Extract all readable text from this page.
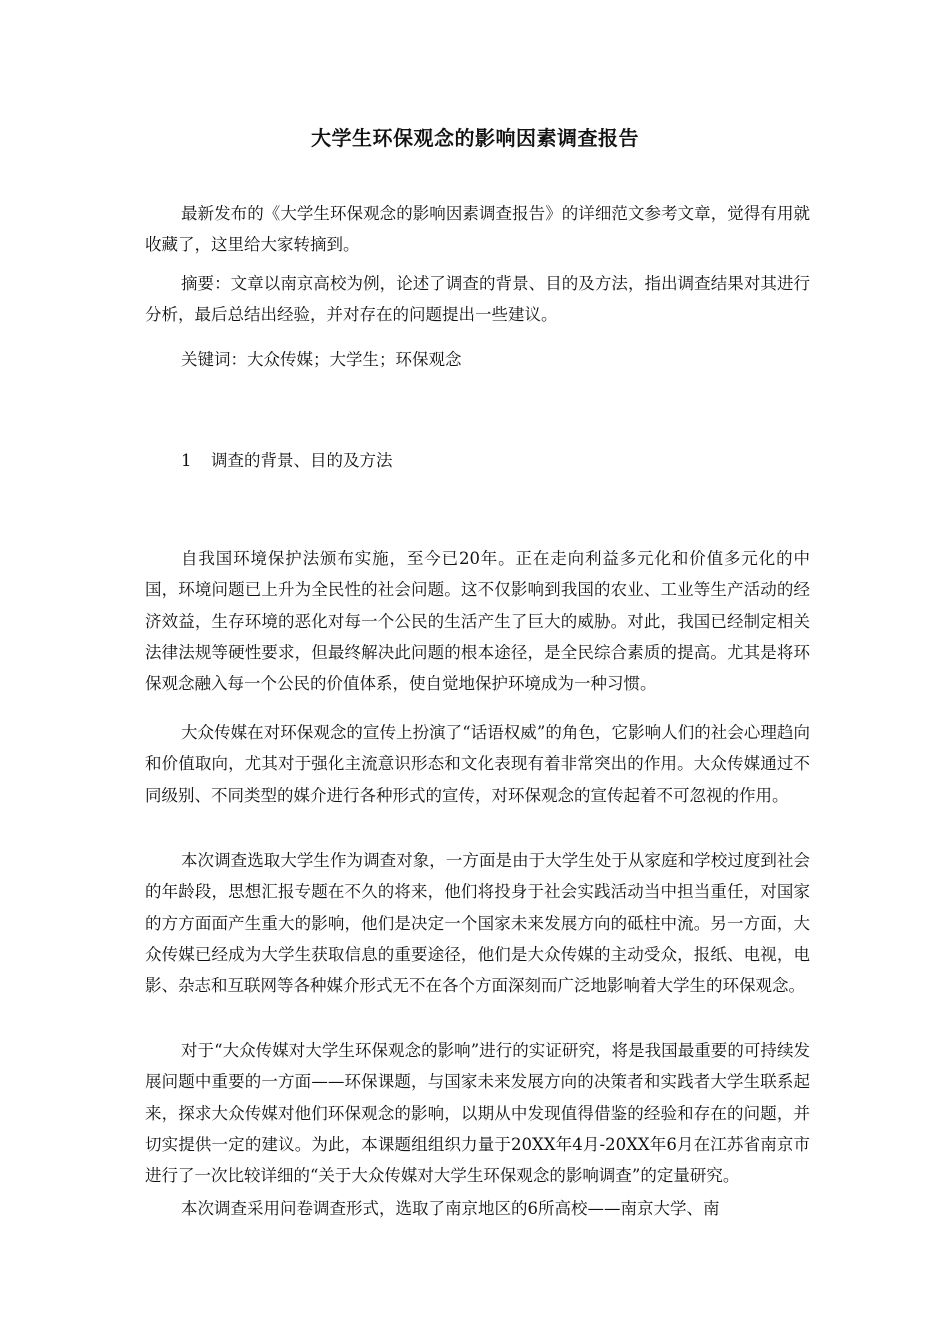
大学生环保观念的影响因素调查报告

最新发布的《大学生环保观念的影响因素调查报告》的详细范文参考文章，觉得有用就收藏了，这里给大家转摘到。

摘要：文章以南京高校为例，论述了调查的背景、目的及方法，指出调查结果对其进行分析，最后总结出经验，并对存在的问题提出一些建议。

关键词：大众传媒；大学生；环保观念

1 调查的背景、目的及方法

自我国环境保护法颁布实施，至今已20年。正在走向利益多元化和价值多元化的中国，环境问题已上升为全民性的社会问题。这不仅影响到我国的农业、工业等生产活动的经济效益，生存环境的恶化对每一个公民的生活产生了巨大的威胁。对此，我国已经制定相关法律法规等硬性要求，但最终解决此问题的根本途径，是全民综合素质的提高。尤其是将环保观念融入每一个公民的价值体系，使自觉地保护环境成为一种习惯。

大众传媒在对环保观念的宣传上扮演了“话语权威”的角色，它影响人们的社会心理趋向和价值取向，尤其对于强化主流意识形态和文化表现有着非常突出的作用。大众传媒通过不同级别、不同类型的媒介进行各种形式的宣传，对环保观念的宣传起着不可忽视的作用。

本次调查选取大学生作为调查对象，一方面是由于大学生处于从家庭和学校过度到社会的年龄段，思想汇报专题在不久的将来，他们将投身于社会实践活动当中担当重任，对国家的方方面面产生重大的影响，他们是决定一个国家未来发展方向的砥柱中流。另一方面，大众传媒已经成为大学生获取信息的重要途径，他们是大众传媒的主动受众，报纸、电视，电影、杂志和互联网等各种媒介形式无不在各个方面深刻而广泛地影响着大学生的环保观念。

对于“大众传媒对大学生环保观念的影响”进行的实证研究，将是我国最重要的可持续发展问题中重要的一方面——环保课题，与国家未来发展方向的决策者和实践者大学生联系起来，探求大众传媒对他们环保观念的影响，以期从中发现值得借鉴的经验和存在的问题，并切实提供一定的建议。为此，本课题组组织力量于20XX年4月-20XX年6月在江苏省南京市进行了一次比较详细的“关于大众传媒对大学生环保观念的影响调查”的定量研究。

本次调查采用问卷调查形式，选取了南京地区的6所高校——南京大学、南
